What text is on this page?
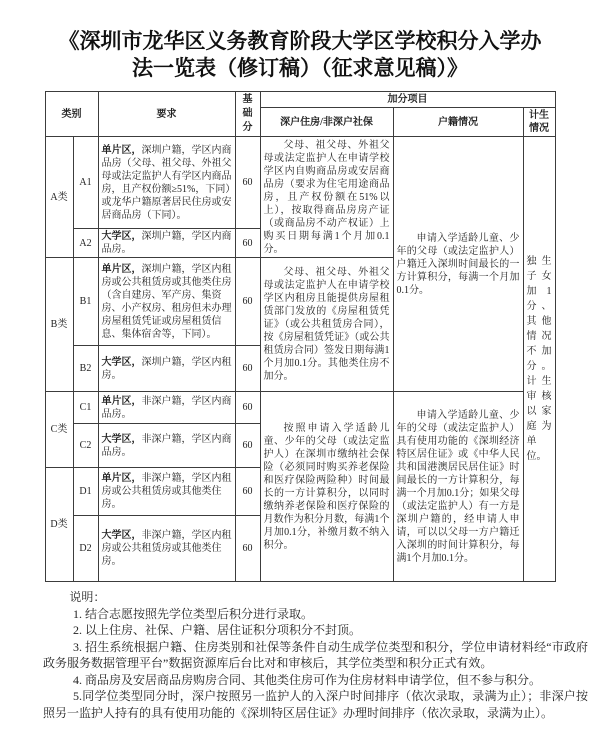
《深圳市龙华区义务教育阶段大学区学校积分入学办
法一览表（修订稿）（征求意见稿）》
类别		要求	基础分	加分项目		
				深户住房/非深户社保	户籍情况	计生情况
A类	A1	单片区，深圳户籍，学区内商品房（父母、祖父母、外祖父母或法定监护人有学区内商品房，且产权份额≥51%，下同）或龙华户籍原著居民住房或安居商品房（下同）。	60	父母、祖父母、外祖父母或法定监护人在申请学校学区内自购商品房或安居商品房（要求为住宅用途商品房，且产权份额在51%以上），按取得商品房房产证（或商品房不动产权证）上购买日期每满1个月加0.1分。	申请入学适龄儿童、少年的父母（或法定监护人）户籍迁入深圳时间最长的一方计算积分，每满一个月加0.1分。	独生子女加1分、其他情况不加分。计生审核以家庭为单位。
	A2	大学区，深圳户籍，学区内商品房。	60			
B类	B1	单片区，深圳户籍，学区内租房或公共租赁房或其他类住房（含自建房、军产房、集资房、小产权房、租房但未办理房屋租赁凭证或房屋租赁信息、集体宿舍等，下同）。	60	父母、祖父母、外祖父母或法定监护人在申请学校学区内租房且能提供房屋租赁部门发放的《房屋租赁凭证》（或公共租赁房合同），按《房屋租赁凭证》（或公共租赁房合同）签发日期每满1个月加0.1分。其他类住房不加分。		
	B2	大学区，深圳户籍，学区内租房。	60			
C类	C1	单片区，非深户籍，学区内商品房。	60	按照申请入学适龄儿童、少年的父母（或法定监护人）在深圳市缴纳社会保险（必须同时购买养老保险和医疗保险两险种）时间最长的一方计算积分，以同时缴纳养老保险和医疗保险的月数作为积分月数，每满1个月加0.1分，补缴月数不纳入积分。	申请入学适龄儿童、少年的父母（或法定监护人）具有使用功能的《深圳经济特区居住证》或《中华人民共和国港澳居民居住证》时间最长的一方计算积分，每满一个月加0.1分；如果父母（或法定监护人）有一方是深圳户籍的，经申请人申请，可以以父母一方户籍迁入深圳的时间计算积分，每满1个月加0.1分。	
	C2	大学区，非深户籍，学区内商品房。	60			
D类	D1	单片区，非深户籍，学区内租房或公共租赁房或其他类住房。	60			
	D2	大学区，非深户籍，学区内租房或公共租赁房或其他类住房。	60			

说明：

1. 结合志愿按照先学位类型后积分进行录取。

2. 以上住房、社保、户籍、居住证积分项积分不封顶。

3. 招生系统根据户籍、住房类别和社保等条件自动生成学位类型和积分，学位申请材料经“市政府政务服务数据管理平台”数据资源库后台比对和审核后，其学位类型和积分正式有效。

4. 商品房及安居商品房购房合同、其他类住房可作为住房材料申请学位，但不参与积分。

5.同学位类型同分时，深户按照另一监护人的入深户时间排序（依次录取，录满为止）；非深户按照另一监护人持有的具有使用功能的《深圳特区居住证》办理时间排序（依次录取，录满为止）。
